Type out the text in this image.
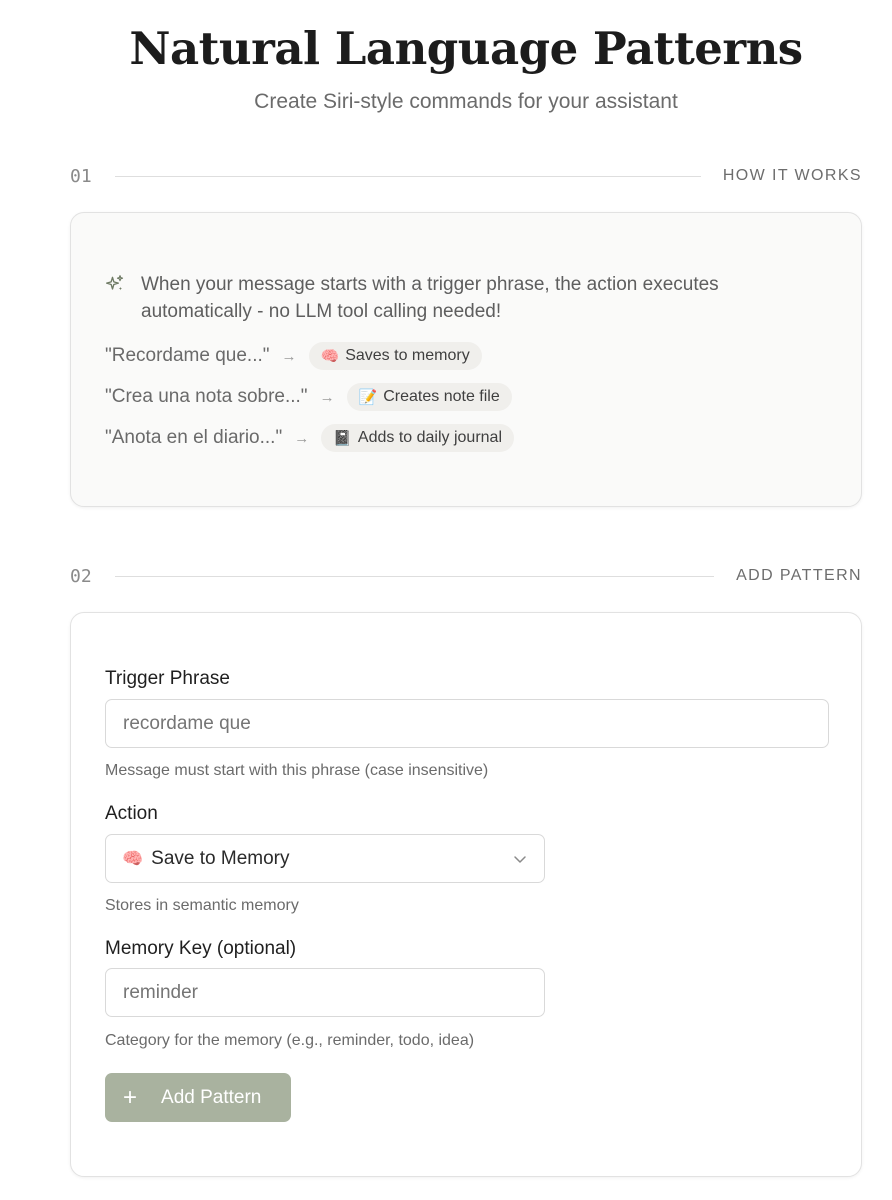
Natural Language Patterns
Create Siri-style commands for your assistant
01	HOW IT WORKS

When your message starts with a trigger phrase, the action executes automatically - no LLM tool calling needed!

"Recordame que..." → 🧠 Saves to memory
"Crea una nota sobre..." → 📝 Creates note file
"Anota en el diario..." → 📓 Adds to daily journal
02	ADD PATTERN
Trigger Phrase
recordame que
Message must start with this phrase (case insensitive)
Action
🧠 Save to Memory
Stores in semantic memory
Memory Key (optional)
reminder
Category for the memory (e.g., reminder, todo, idea)
+ Add Pattern
